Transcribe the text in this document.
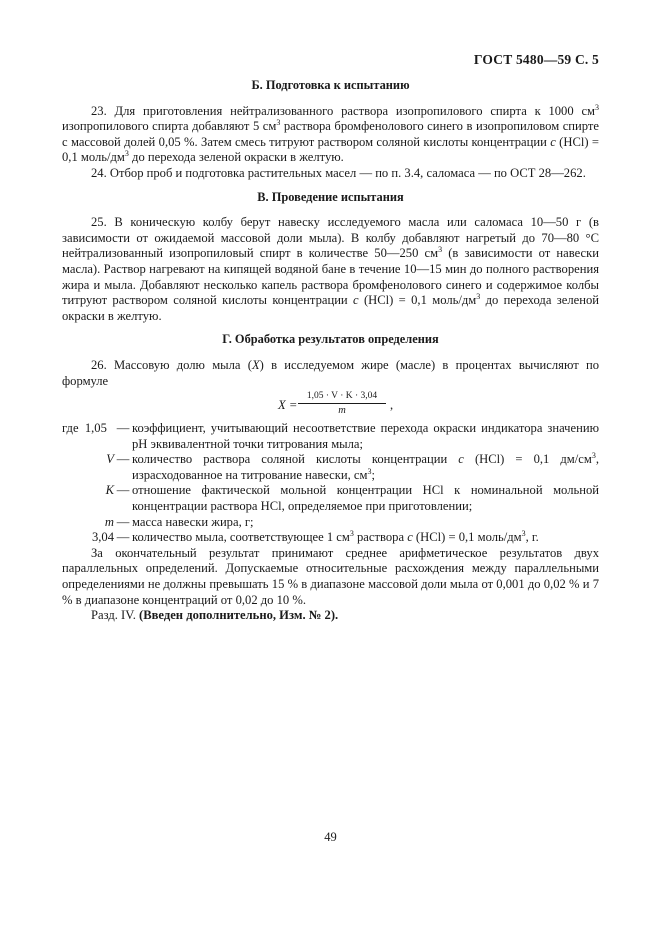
ГОСТ 5480—59 С. 5
Б. Подготовка к испытанию

23. Для приготовления нейтрализованного раствора изопропилового спирта к 1000 $см^3$ изопропилового спирта добавляют 5 $см^3$ раствора бромфенолового синего в изопропиловом спирте с массовой долей 0,05 %. Затем смесь титруют раствором соляной кислоты концентрации с (HCl) = 0,1 моль/$дм^3$ до перехода зеленой окраски в желтую.

24. Отбор проб и подготовка растительных масел — по п. 3.4, саломаса — по ОСТ 28—262.

В. Проведение испытания

25. В коническую колбу берут навеску исследуемого масла или саломаса 10—50 г (в зависимости от ожидаемой массовой доли мыла). В колбу добавляют нагретый до 70—80 °С нейтрализованный изопропиловый спирт в количестве 50—250 $см^3$ (в зависимости от навески масла). Раствор нагревают на кипящей водяной бане в течение 10—15 мин до полного растворения жира и мыла. Добавляют несколько капель раствора бромфенолового синего и содержимое колбы титруют раствором соляной кислоты концентрации с (HCl) = 0,1 моль/$дм^3$ до перехода зеленой окраски в желтую.

Г. Обработка результатов определения

26. Массовую долю мыла (X) в исследуемом жире (масле) в процентах вычисляют по формуле

$X = \frac{1,05 \cdot V \cdot K \cdot 3,04}{m}$ ,
где 1,05 — коэффициент, учитывающий несоответствие перехода окраски индикатора значению pH эквивалентной точки титрования мыла;
V — количество раствора соляной кислоты концентрации с (HCl) = 0,1 $дм/см^3$, израсходованное на титрование навески, $см^3$;
K — отношение фактической мольной концентрации HCl к номинальной мольной концентрации раствора HCl, определяемое при приготовлении;
m — масса навески жира, г;
3,04 — количество мыла, соответствующее 1 $см^3$ раствора с (HCl) = 0,1 моль/$дм^3$, г.

За окончательный результат принимают среднее арифметическое результатов двух параллельных определений. Допускаемые относительные расхождения между параллельными определениями не должны превышать 15 % в диапазоне массовой доли мыла от 0,001 до 0,02 % и 7 % в диапазоне концентраций от 0,02 до 10 %.

Разд. IV. (Введен дополнительно, Изм. № 2).

49
